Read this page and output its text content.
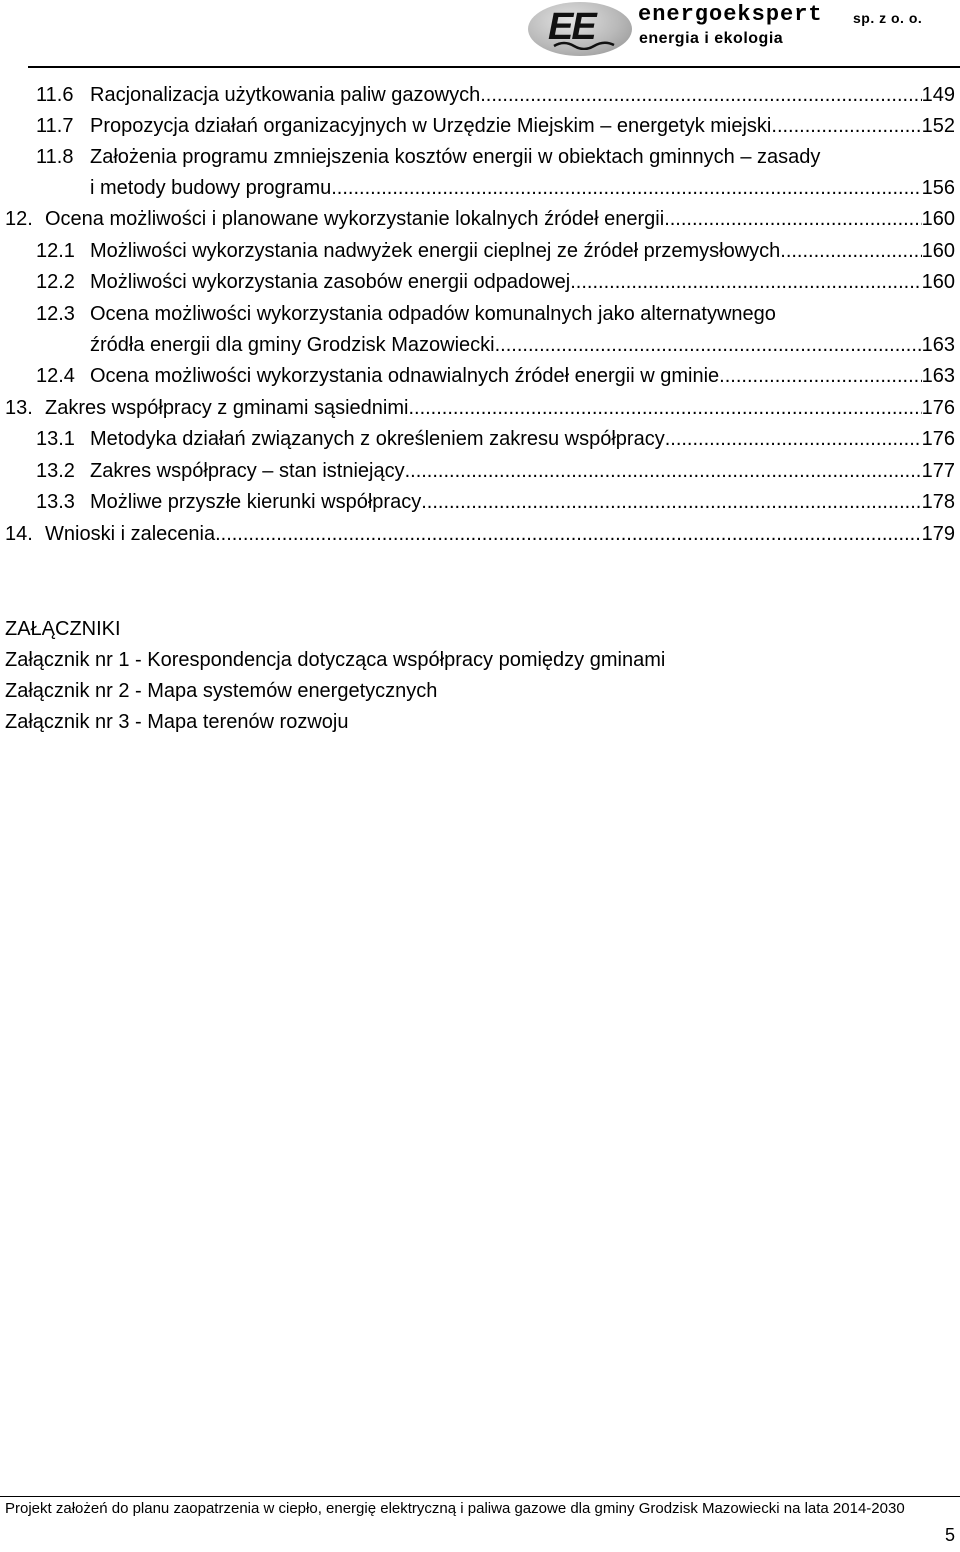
EE energoekspert
energia i ekologia
sp. z o. o.
11.6 Racjonalizacja użytkowania paliw gazowych .....	149
11.7 Propozycja działań organizacyjnych w Urzędzie Miejskim – energetyk miejski .....	152
11.8 Założenia programu zmniejszenia kosztów energii w obiektach gminnych – zasady
i metody budowy programu .....	156
12. Ocena możliwości i planowane wykorzystanie lokalnych źródeł energii .....	160
12.1 Możliwości wykorzystania nadwyżek energii cieplnej ze źródeł przemysłowych .....	160
12.2 Możliwości wykorzystania zasobów energii odpadowej .....	160
12.3 Ocena możliwości wykorzystania odpadów komunalnych jako alternatywnego
źródła energii dla gminy Grodzisk Mazowiecki .....	163
12.4 Ocena możliwości wykorzystania odnawialnych źródeł energii w gminie .....	163
13. Zakres współpracy z gminami sąsiednimi .....	176
13.1 Metodyka działań związanych z określeniem zakresu współpracy .....	176
13.2 Zakres współpracy – stan istniejący .....	177
13.3 Możliwe przyszłe kierunki współpracy .....	178
14. Wnioski i zalecenia .....	179
ZAŁĄCZNIKI
Załącznik nr 1 - Korespondencja dotycząca współpracy pomiędzy gminami
Załącznik nr 2 - Mapa systemów energetycznych
Załącznik nr 3 - Mapa terenów rozwoju
Projekt założeń do planu zaopatrzenia w ciepło, energię elektryczną i paliwa gazowe dla gminy Grodzisk Mazowiecki na lata 2014-2030
5
